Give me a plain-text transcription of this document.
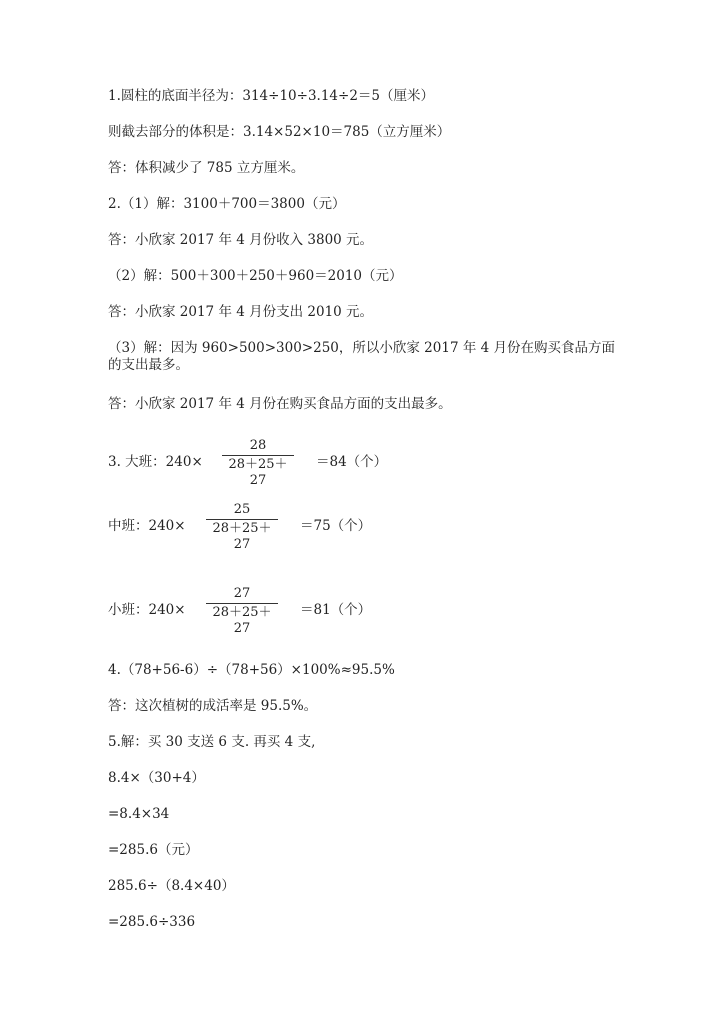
1.圆柱的底面半径为：314÷10÷3.14÷2＝5（厘米）
则截去部分的体积是：3.14×52×10＝785（立方厘米）
答：体积减少了 785 立方厘米。
2.（1）解：3100＋700＝3800（元）
答：小欣家 2017 年 4 月份收入 3800 元。
（2）解：500＋300＋250＋960＝2010（元）
答：小欣家 2017 年 4 月份支出 2010 元。
（3）解：因为 960>500>300>250，所以小欣家 2017 年 4 月份在购买食品方面的支出最多。
答：小欣家 2017 年 4 月份在购买食品方面的支出最多。
3. 大班：240×
28
28＋25＋27
＝84（个）
中班：240×
25
28＋25＋27
＝75（个）
小班：240×
27
28＋25＋27
＝81（个）
4.（78+56-6）÷（78+56）×100%≈95.5%
答：这次植树的成活率是 95.5%。
5.解：买 30 支送 6 支. 再买 4 支,
8.4×（30+4）
=8.4×34
=285.6（元）
285.6÷（8.4×40）
=285.6÷336
